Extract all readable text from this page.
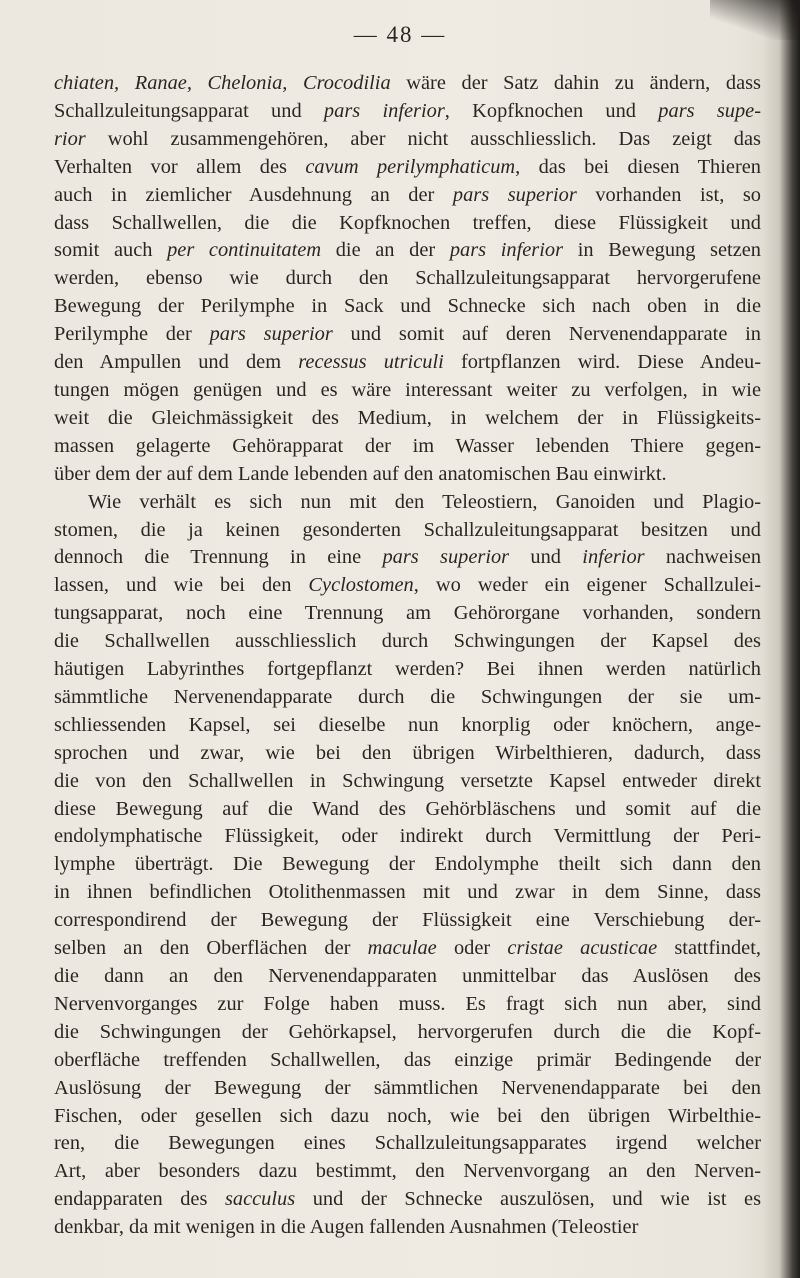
— 48 —
chiaten, Ranae, Chelonia, Crocodilia wäre der Satz dahin zu ändern, dass
Schallzuleitungsapparat und pars inferior, Kopfknochen und pars supe-
rior wohl zusammengehören, aber nicht ausschliesslich. Das zeigt das
Verhalten vor allem des cavum perilymphaticum, das bei diesen Thieren
auch in ziemlicher Ausdehnung an der pars superior vorhanden ist, so
dass Schallwellen, die die Kopfknochen treffen, diese Flüssigkeit und
somit auch per continuitatem die an der pars inferior in Bewegung setzen
werden, ebenso wie durch den Schallzuleitungsapparat hervorgerufene
Bewegung der Perilymphe in Sack und Schnecke sich nach oben in die
Perilymphe der pars superior und somit auf deren Nervenendapparate in
den Ampullen und dem recessus utriculi fortpflanzen wird. Diese Andeu-
tungen mögen genügen und es wäre interessant weiter zu verfolgen, in wie
weit die Gleichmässigkeit des Medium, in welchem der in Flüssigkeits-
massen gelagerte Gehörapparat der im Wasser lebenden Thiere gegen-
über dem der auf dem Lande lebenden auf den anatomischen Bau einwirkt.
Wie verhält es sich nun mit den Teleostiern, Ganoiden und Plagio-
stomen, die ja keinen gesonderten Schallzuleitungsapparat besitzen und
dennoch die Trennung in eine pars superior und inferior nachweisen
lassen, und wie bei den Cyclostomen, wo weder ein eigener Schallzulei-
tungsapparat, noch eine Trennung am Gehörorgane vorhanden, sondern
die Schallwellen ausschliesslich durch Schwingungen der Kapsel des
häutigen Labyrinthes fortgepflanzt werden? Bei ihnen werden natürlich
sämmtliche Nervenendapparate durch die Schwingungen der sie um-
schliessenden Kapsel, sei dieselbe nun knorplig oder knöchern, ange-
sprochen und zwar, wie bei den übrigen Wirbelthieren, dadurch, dass
die von den Schallwellen in Schwingung versetzte Kapsel entweder direkt
diese Bewegung auf die Wand des Gehörbläschens und somit auf die
endolymphatische Flüssigkeit, oder indirekt durch Vermittlung der Peri-
lymphe überträgt. Die Bewegung der Endolymphe theilt sich dann den
in ihnen befindlichen Otolithenmassen mit und zwar in dem Sinne, dass
correspondirend der Bewegung der Flüssigkeit eine Verschiebung der-
selben an den Oberflächen der maculae oder cristae acusticae stattfindet,
die dann an den Nervenendapparaten unmittelbar das Auslösen des
Nervenvorganges zur Folge haben muss. Es fragt sich nun aber, sind
die Schwingungen der Gehörkapsel, hervorgerufen durch die die Kopf-
oberfläche treffenden Schallwellen, das einzige primär Bedingende der
Auslösung der Bewegung der sämmtlichen Nervenendapparate bei den
Fischen, oder gesellen sich dazu noch, wie bei den übrigen Wirbelthie-
ren, die Bewegungen eines Schallzuleitungsapparates irgend welcher
Art, aber besonders dazu bestimmt, den Nervenvorgang an den Nerven-
endapparaten des sacculus und der Schnecke auszulösen, und wie ist es
denkbar, da mit wenigen in die Augen fallenden Ausnahmen (Teleostier
